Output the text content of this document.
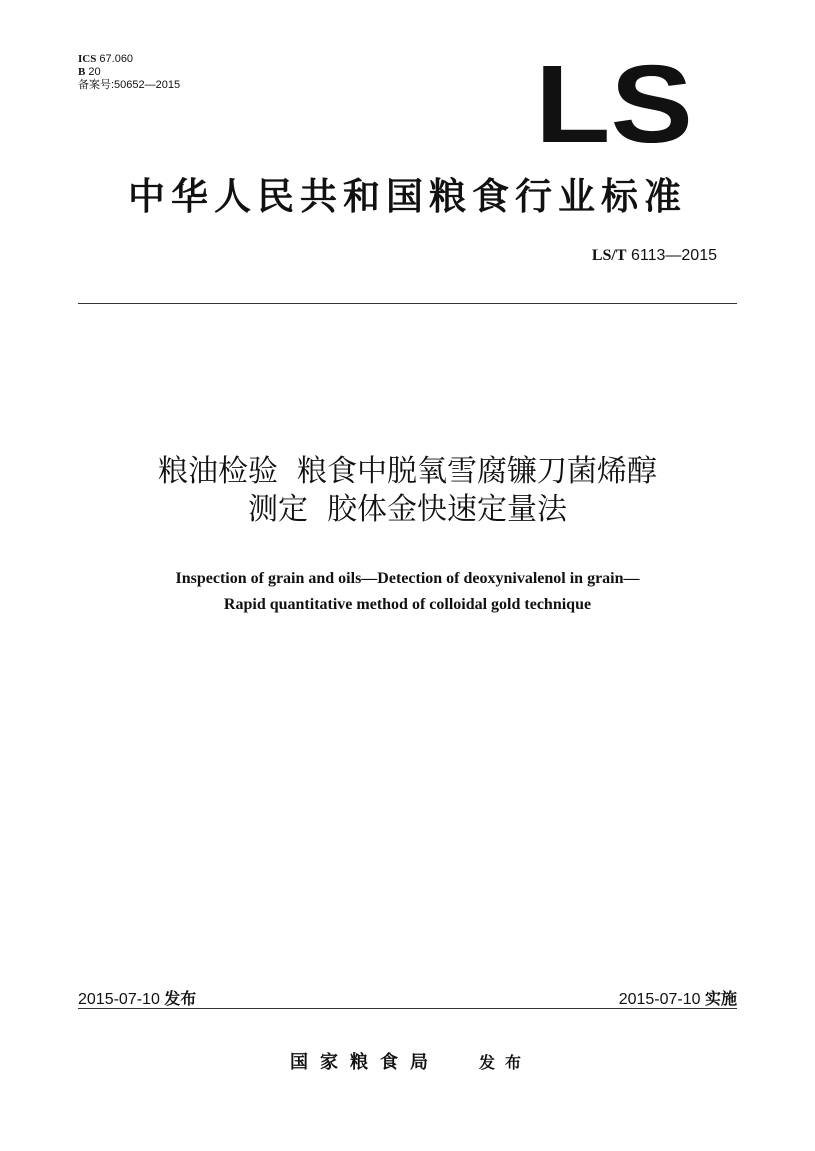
ICS 67.060
B 20
备案号:50652—2015	LS
中华人民共和国粮食行业标准
LS/T 6113—2015
粮油检验  粮食中脱氧雪腐镰刀菌烯醇
测定  胶体金快速定量法
Inspection of grain and oils—Detection of deoxynivalenol in grain—
Rapid quantitative method of colloidal gold technique
2015-07-10 发布	2015-07-10 实施
国家粮食局 发布
